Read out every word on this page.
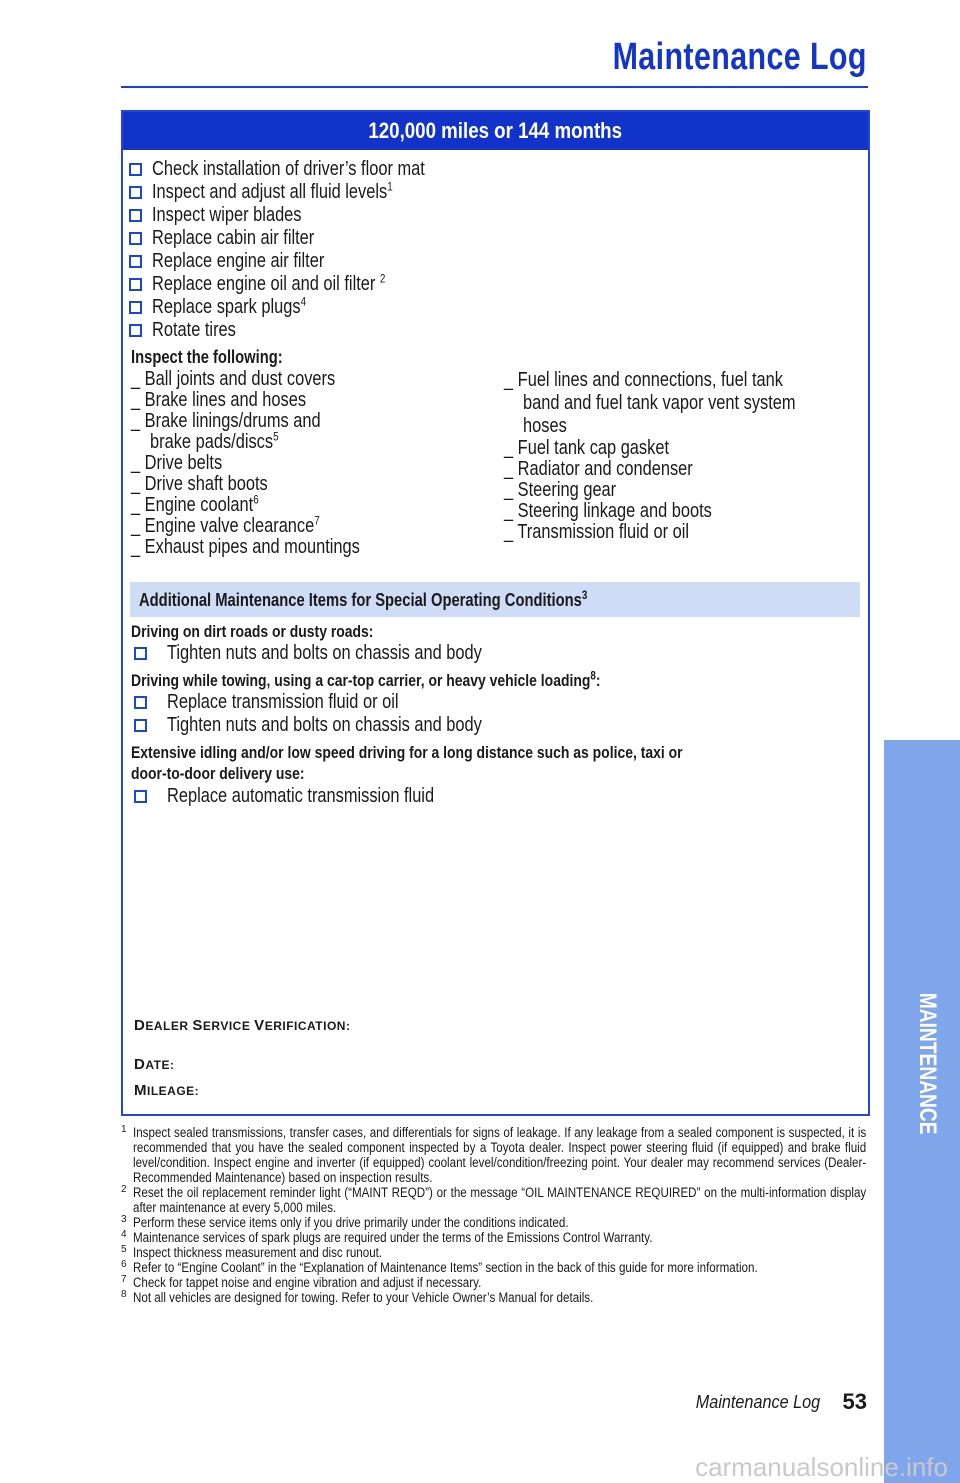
Maintenance Log
120,000 miles or 144 months
Check installation of driver’s floor mat
Inspect and adjust all fluid levels$^1$
Inspect wiper blades
Replace cabin air filter
Replace engine air filter
Replace engine oil and oil filter $^2$
Replace spark plugs$^4$
Rotate tires
Inspect the following:
_ Ball joints and dust covers
_ Brake lines and hoses
_ Brake linings/drums and
brake pads/discs$^5$
_ Drive belts
_ Drive shaft boots
_ Engine coolant$^6$
_ Engine valve clearance$^7$
_ Exhaust pipes and mountings
_ Fuel lines and connections, fuel tank
band and fuel tank vapor vent system
hoses
_ Fuel tank cap gasket
_ Radiator and condenser
_ Steering gear
_ Steering linkage and boots
_ Transmission fluid or oil
Additional Maintenance Items for Special Operating Conditions$^3$
Driving on dirt roads or dusty roads:
Tighten nuts and bolts on chassis and body
Driving while towing, using a car-top carrier, or heavy vehicle loading$^8$:
Replace transmission fluid or oil
Tighten nuts and bolts on chassis and body
Extensive idling and/or low speed driving for a long distance such as police, taxi or
door-to-door delivery use:
Replace automatic transmission fluid
DEALER SERVICE VERIFICATION:
DATE:
MILEAGE:
1 Inspect sealed transmissions, transfer cases, and differentials for signs of leakage. If any leakage from a sealed component is suspected, it is recommended that you have the sealed component inspected by a Toyota dealer. Inspect power steering fluid (if equipped) and brake fluid level/condition. Inspect engine and inverter (if equipped) coolant level/condition/freezing point. Your dealer may recommend services (Dealer-Recommended Maintenance) based on inspection results.
2 Reset the oil replacement reminder light (“MAINT REQD”) or the message “OIL MAINTENANCE REQUIRED” on the multi-information display after maintenance at every 5,000 miles.
3 Perform these service items only if you drive primarily under the conditions indicated.
4 Maintenance services of spark plugs are required under the terms of the Emissions Control Warranty.
5 Inspect thickness measurement and disc runout.
6 Refer to “Engine Coolant” in the “Explanation of Maintenance Items” section in the back of this guide for more information.
7 Check for tappet noise and engine vibration and adjust if necessary.
8 Not all vehicles are designed for towing. Refer to your Vehicle Owner’s Manual for details.
Maintenance Log 53
MAINTENANCE
carmanualsonline.info
